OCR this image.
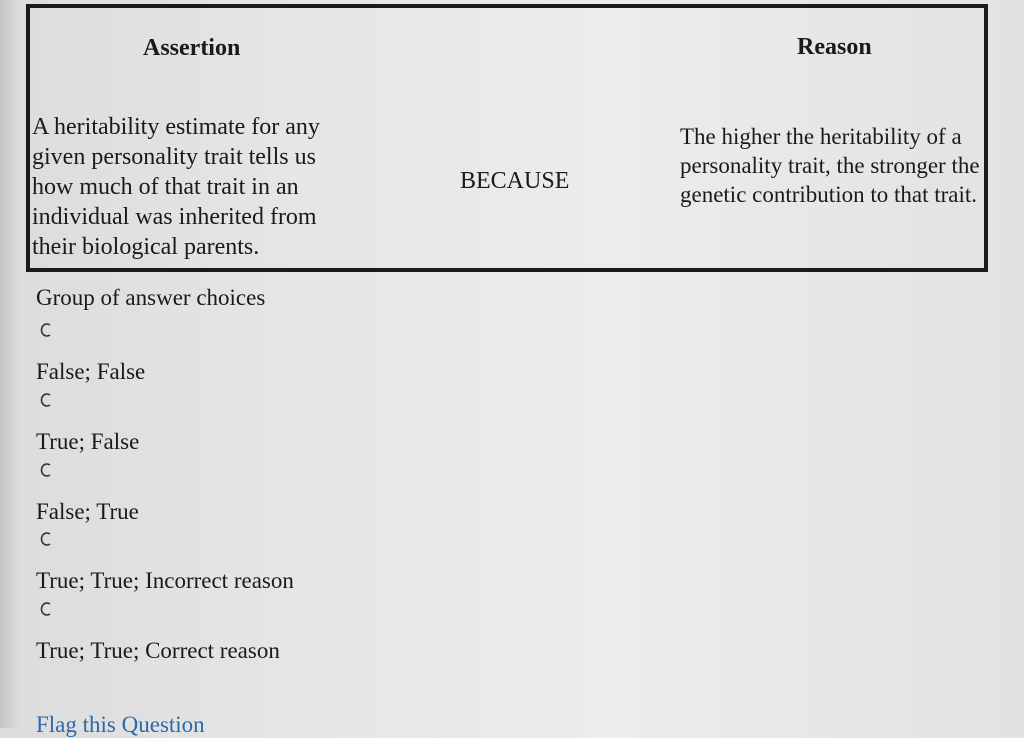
Assertion	Reason
A heritability estimate for any given personality trait tells us how much of that trait in an individual was inherited from their biological parents.
BECAUSE
The higher the heritability of a personality trait, the stronger the genetic contribution to that trait.
Group of answer choices
False; False
True; False
False; True
True; True; Incorrect reason
True; True; Correct reason
Flag this Question
